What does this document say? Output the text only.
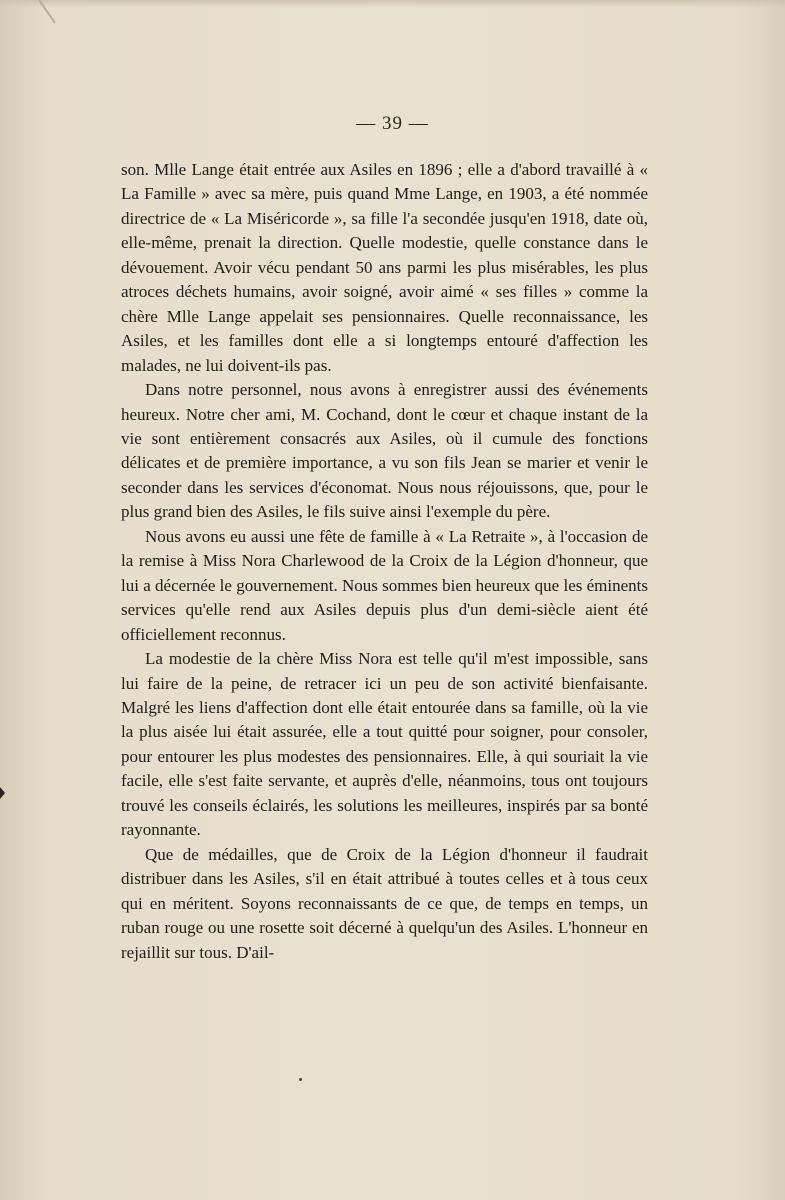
— 39 —

son. Mlle Lange était entrée aux Asiles en 1896 ; elle a d'abord travaillé à « La Famille » avec sa mère, puis quand Mme Lange, en 1903, a été nommée directrice de « La Miséricorde », sa fille l'a secondée jusqu'en 1918, date où, elle-même, prenait la direction. Quelle modestie, quelle constance dans le dévouement. Avoir vécu pendant 50 ans parmi les plus misérables, les plus atroces déchets humains, avoir soigné, avoir aimé « ses filles » comme la chère Mlle Lange appelait ses pensionnaires. Quelle reconnaissance, les Asiles, et les familles dont elle a si longtemps entouré d'affection les malades, ne lui doivent-ils pas.

Dans notre personnel, nous avons à enregistrer aussi des événements heureux. Notre cher ami, M. Cochand, dont le cœur et chaque instant de la vie sont entièrement consacrés aux Asiles, où il cumule des fonctions délicates et de première importance, a vu son fils Jean se marier et venir le seconder dans les services d'économat. Nous nous réjouissons, que, pour le plus grand bien des Asiles, le fils suive ainsi l'exemple du père.

Nous avons eu aussi une fête de famille à « La Retraite », à l'occasion de la remise à Miss Nora Charlewood de la Croix de la Légion d'honneur, que lui a décernée le gouvernement. Nous sommes bien heureux que les éminents services qu'elle rend aux Asiles depuis plus d'un demi-siècle aient été officiellement reconnus.

La modestie de la chère Miss Nora est telle qu'il m'est impossible, sans lui faire de la peine, de retracer ici un peu de son activité bienfaisante. Malgré les liens d'affection dont elle était entourée dans sa famille, où la vie la plus aisée lui était assurée, elle a tout quitté pour soigner, pour consoler, pour entourer les plus modestes des pensionnaires. Elle, à qui souriait la vie facile, elle s'est faite servante, et auprès d'elle, néanmoins, tous ont toujours trouvé les conseils éclairés, les solutions les meilleures, inspirés par sa bonté rayonnante.

Que de médailles, que de Croix de la Légion d'honneur il faudrait distribuer dans les Asiles, s'il en était attribué à toutes celles et à tous ceux qui en méritent. Soyons reconnaissants de ce que, de temps en temps, un ruban rouge ou une rosette soit décerné à quelqu'un des Asiles. L'honneur en rejaillit sur tous. D'ail-
